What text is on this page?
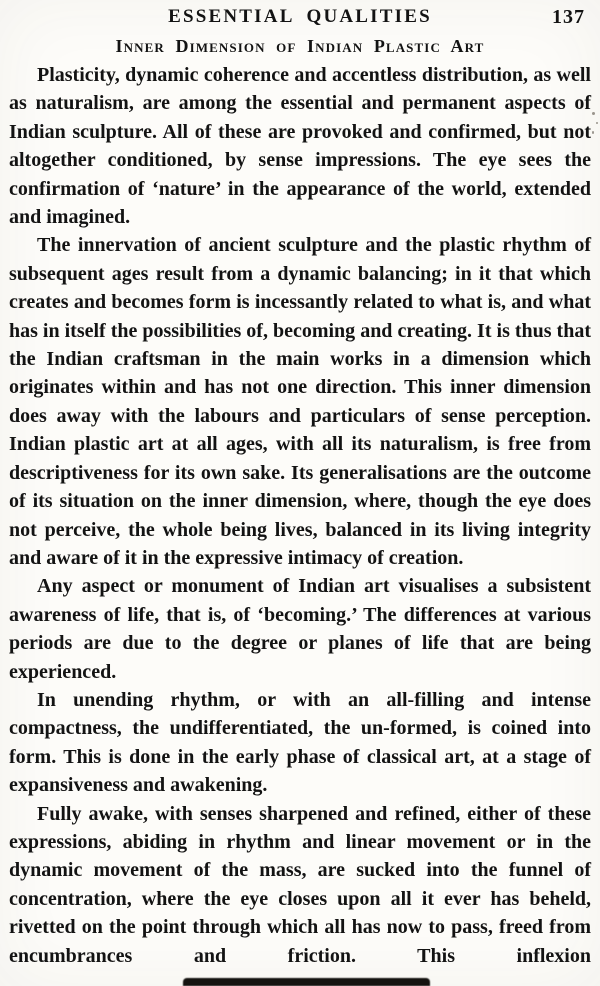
ESSENTIAL QUALITIES	137
Inner Dimension of Indian Plastic Art

Plasticity, dynamic coherence and accentless distribution, as well as naturalism, are among the essential and permanent aspects of Indian sculpture. All of these are provoked and confirmed, but not altogether conditioned, by sense impressions. The eye sees the confirmation of ‘nature’ in the appearance of the world, extended and imagined.

The innervation of ancient sculpture and the plastic rhythm of subsequent ages result from a dynamic balancing; in it that which creates and becomes form is incessantly related to what is, and what has in itself the possibilities of, becoming and creating. It is thus that the Indian craftsman in the main works in a dimension which originates within and has not one direction. This inner dimension does away with the labours and particulars of sense perception. Indian plastic art at all ages, with all its naturalism, is free from descriptiveness for its own sake. Its generalisations are the outcome of its situation on the inner dimension, where, though the eye does not perceive, the whole being lives, balanced in its living integrity and aware of it in the expressive intimacy of creation.

Any aspect or monument of Indian art visualises a subsistent awareness of life, that is, of ‘becoming.’ The differences at various periods are due to the degree or planes of life that are being experienced.

In unending rhythm, or with an all-filling and intense compactness, the undifferentiated, the un-formed, is coined into form. This is done in the early phase of classical art, at a stage of expansiveness and awakening.

Fully awake, with senses sharpened and refined, either of these expressions, abiding in rhythm and linear movement or in the dynamic movement of the mass, are sucked into the funnel of concentration, where the eye closes upon all it ever has beheld, rivetted on the point through which all has now to pass, freed from encumbrances and friction. This inflexion
